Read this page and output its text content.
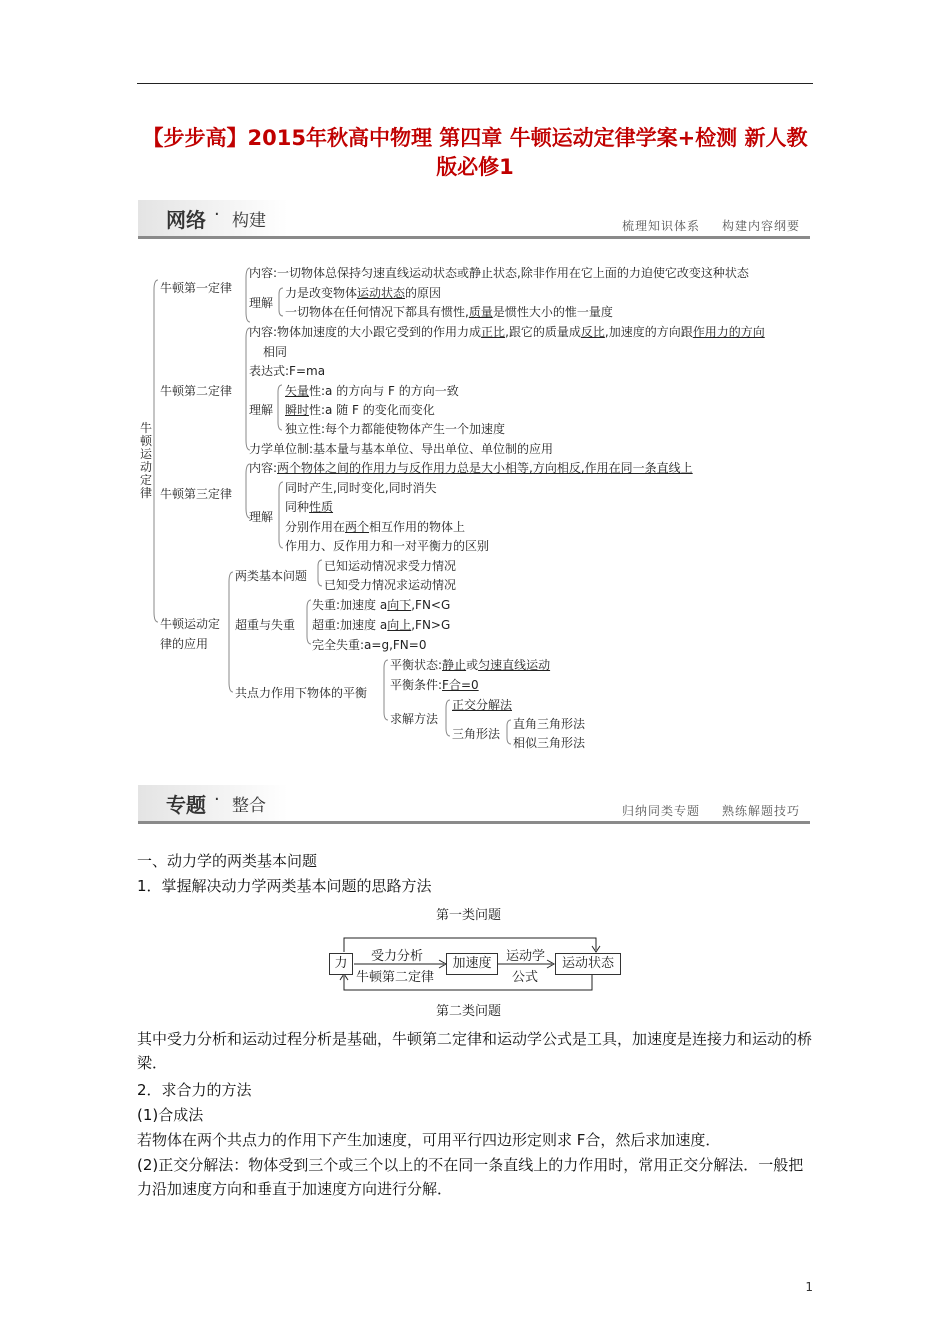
【步步高】2015年秋高中物理 第四章 牛顿运动定律学案+检测 新人教版必修1
网络 · 构建	梳理知识体系 构建内容纲要
牛顿运动定律
牛顿第一定律
内容:一切物体总保持匀速直线运动状态或静止状态,除非作用在它上面的力迫使它改变这种状态
理解
力是改变物体运动状态的原因
一切物体在任何情况下都具有惯性,质量是惯性大小的惟一量度
牛顿第二定律
内容:物体加速度的大小跟它受到的作用力成正比,跟它的质量成反比,加速度的方向跟作用力的方向
相同
表达式:F=ma
理解
矢量性:a 的方向与 F 的方向一致
瞬时性:a 随 F 的变化而变化
独立性:每个力都能使物体产生一个加速度
力学单位制:基本量与基本单位、导出单位、单位制的应用
牛顿第三定律
内容:两个物体之间的作用力与反作用力总是大小相等,方向相反,作用在同一条直线上
理解
同时产生,同时变化,同时消失
同种性质
分别作用在两个相互作用的物体上
作用力、反作用力和一对平衡力的区别
牛顿运动定
律的应用
两类基本问题
已知运动情况求受力情况
已知受力情况求运动情况
超重与失重
失重:加速度 a向下,FN<G
超重:加速度 a向上,FN>G
完全失重:a=g,FN=0
共点力作用下物体的平衡
平衡状态:静止或匀速直线运动
平衡条件:F合=0
求解方法
正交分解法
三角形法
直角三角形法
相似三角形法
专题 · 整合	归纳同类专题 熟练解题技巧
一、动力学的两类基本问题
1．掌握解决动力学两类基本问题的思路方法
第一类问题
第二类问题
力	加速度	运动状态
受力分析
牛顿第二定律
运动学
公式
其中受力分析和运动过程分析是基础，牛顿第二定律和运动学公式是工具，加速度是连接力和运动的桥梁．
2．求合力的方法
(1)合成法
若物体在两个共点力的作用下产生加速度，可用平行四边形定则求 F合，然后求加速度．
(2)正交分解法：物体受到三个或三个以上的不在同一条直线上的力作用时，常用正交分解法．一般把力沿加速度方向和垂直于加速度方向进行分解．
1
